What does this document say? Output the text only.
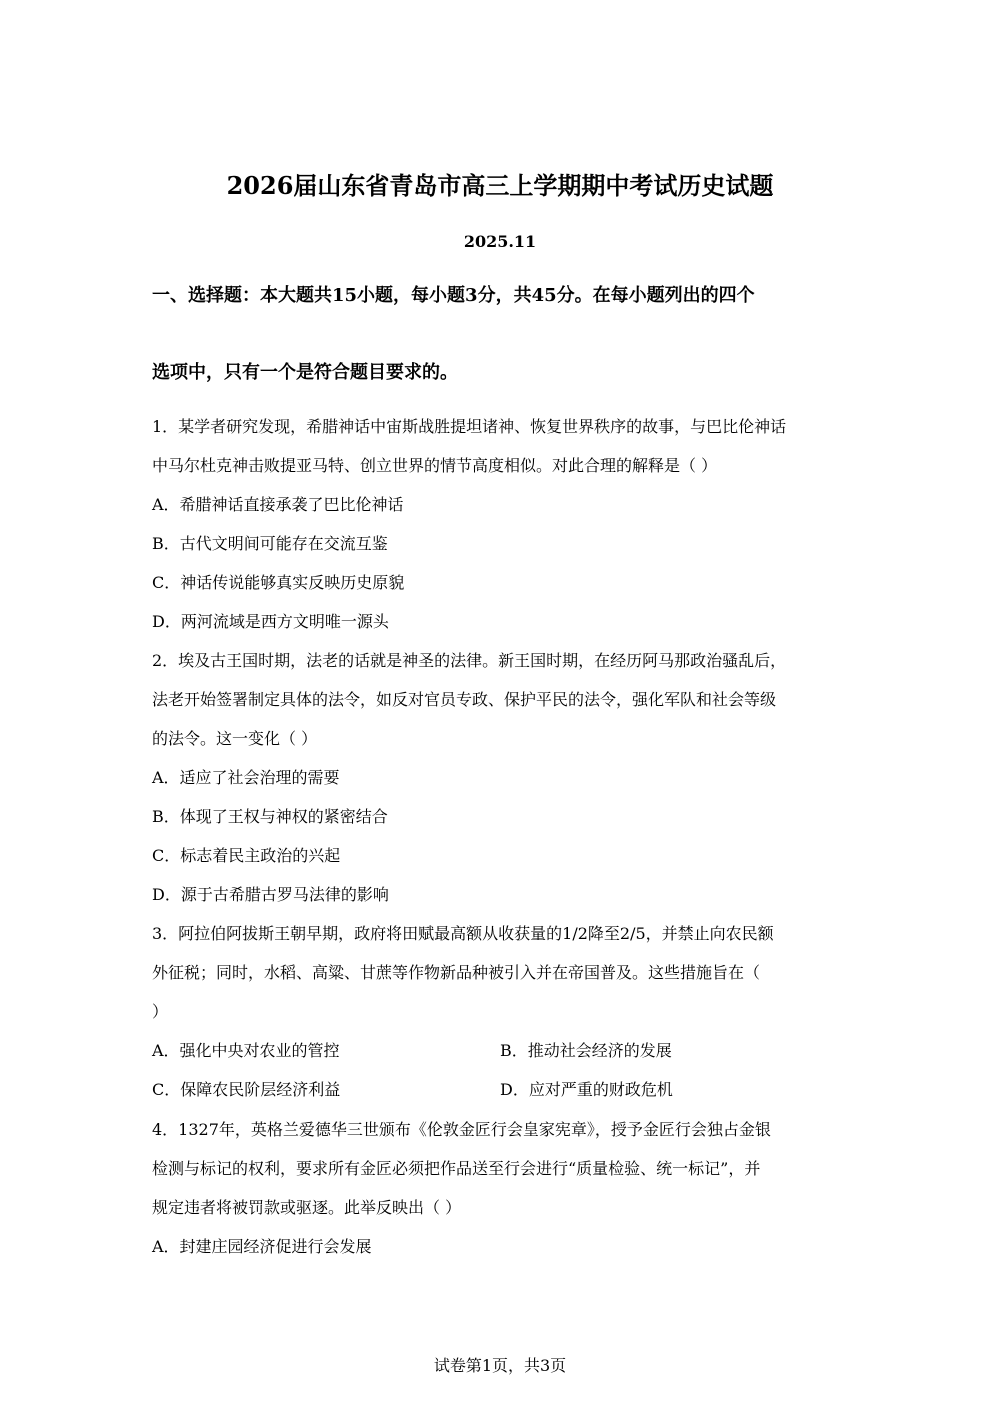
2026届山东省青岛市高三上学期期中考试历史试题
2025.11
一、选择题：本大题共15小题，每小题3分，共45分。在每小题列出的四个
选项中，只有一个是符合题目要求的。
1．某学者研究发现，希腊神话中宙斯战胜提坦诸神、恢复世界秩序的故事，与巴比伦神话
中马尔杜克神击败提亚马特、创立世界的情节高度相似。对此合理的解释是（ ）
A．希腊神话直接承袭了巴比伦神话
B．古代文明间可能存在交流互鉴
C．神话传说能够真实反映历史原貌
D．两河流域是西方文明唯一源头
2．埃及古王国时期，法老的话就是神圣的法律。新王国时期，在经历阿马那政治骚乱后，
法老开始签署制定具体的法令，如反对官员专政、保护平民的法令，强化军队和社会等级
的法令。这一变化（ ）
A．适应了社会治理的需要
B．体现了王权与神权的紧密结合
C．标志着民主政治的兴起
D．源于古希腊古罗马法律的影响
3．阿拉伯阿拔斯王朝早期，政府将田赋最高额从收获量的1/2降至2/5，并禁止向农民额
外征税；同时，水稻、高粱、甘蔗等作物新品种被引入并在帝国普及。这些措施旨在（
）
A．强化中央对农业的管控	B．推动社会经济的发展
C．保障农民阶层经济利益	D．应对严重的财政危机
4．1327年，英格兰爱德华三世颁布《伦敦金匠行会皇家宪章》，授予金匠行会独占金银
检测与标记的权利，要求所有金匠必须把作品送至行会进行“质量检验、统一标记”，并
规定违者将被罚款或驱逐。此举反映出（ ）
A．封建庄园经济促进行会发展
试卷第1页，共3页
